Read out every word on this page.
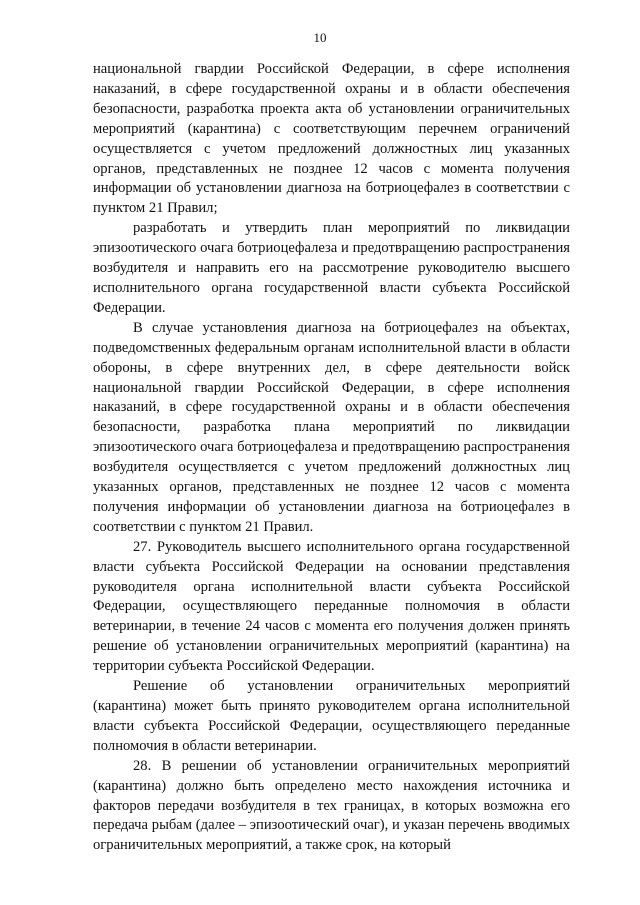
10

национальной гвардии Российской Федерации, в сфере исполнения наказаний, в сфере государственной охраны и в области обеспечения безопасности, разработка проекта акта об установлении ограничительных мероприятий (карантина) с соответствующим перечнем ограничений осуществляется с учетом предложений должностных лиц указанных органов, представленных не позднее 12 часов с момента получения информации об установлении диагноза на ботриоцефалез в соответствии с пунктом 21 Правил;

разработать и утвердить план мероприятий по ликвидации эпизоотического очага ботриоцефалеза и предотвращению распространения возбудителя и направить его на рассмотрение руководителю высшего исполнительного органа государственной власти субъекта Российской Федерации.

В случае установления диагноза на ботриоцефалез на объектах, подведомственных федеральным органам исполнительной власти в области обороны, в сфере внутренних дел, в сфере деятельности войск национальной гвардии Российской Федерации, в сфере исполнения наказаний, в сфере государственной охраны и в области обеспечения безопасности, разработка плана мероприятий по ликвидации эпизоотического очага ботриоцефалеза и предотвращению распространения возбудителя осуществляется с учетом предложений должностных лиц указанных органов, представленных не позднее 12 часов с момента получения информации об установлении диагноза на ботриоцефалез в соответствии с пунктом 21 Правил.

27. Руководитель высшего исполнительного органа государственной власти субъекта Российской Федерации на основании представления руководителя органа исполнительной власти субъекта Российской Федерации, осуществляющего переданные полномочия в области ветеринарии, в течение 24 часов с момента его получения должен принять решение об установлении ограничительных мероприятий (карантина) на территории субъекта Российской Федерации.

Решение об установлении ограничительных мероприятий (карантина) может быть принято руководителем органа исполнительной власти субъекта Российской Федерации, осуществляющего переданные полномочия в области ветеринарии.

28. В решении об установлении ограничительных мероприятий (карантина) должно быть определено место нахождения источника и факторов передачи возбудителя в тех границах, в которых возможна его передача рыбам (далее – эпизоотический очаг), и указан перечень вводимых ограничительных мероприятий, а также срок, на который
